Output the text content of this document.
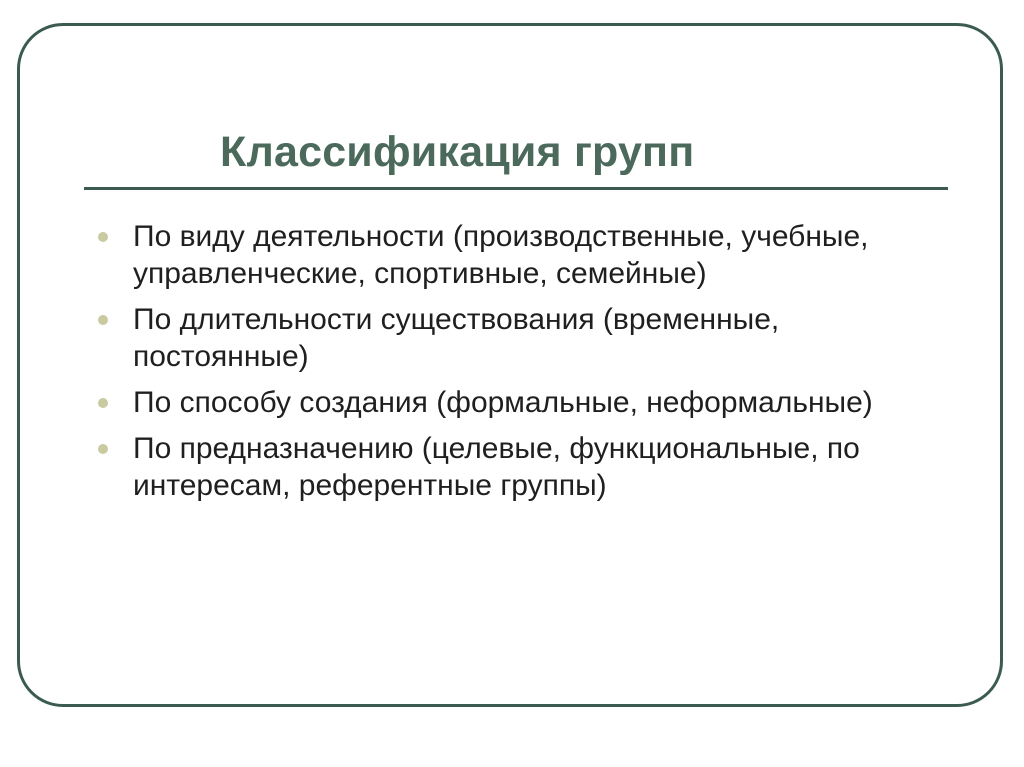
Классификация групп
По виду деятельности (производственные, учебные, управленческие, спортивные, семейные)
По длительности существования (временные, постоянные)
По способу создания (формальные, неформальные)
По предназначению (целевые, функциональные, по интересам, референтные группы)
